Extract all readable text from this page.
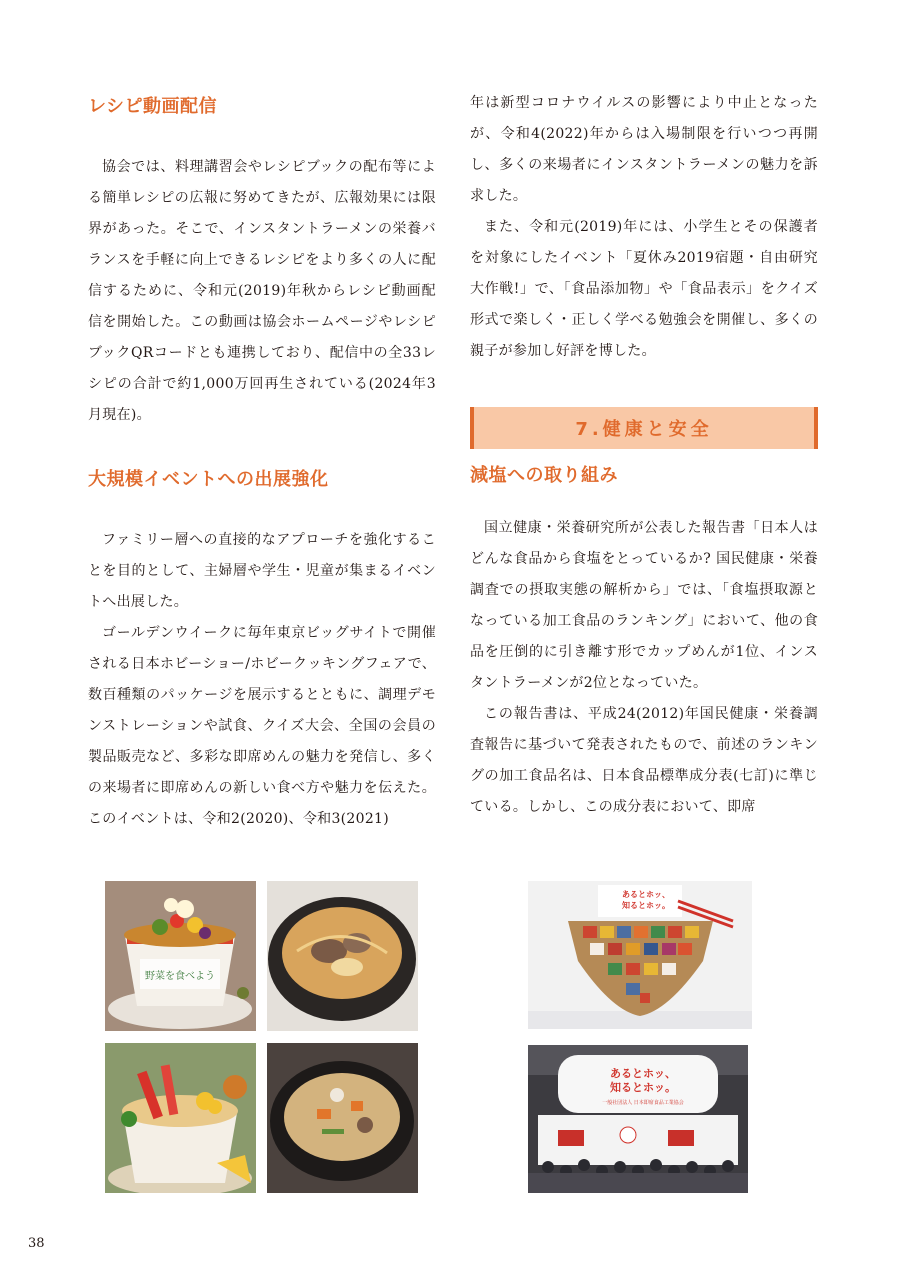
レシピ動画配信

協会では、料理講習会やレシピブックの配布等による簡単レシピの広報に努めてきたが、広報効果には限界があった。そこで、インスタントラーメンの栄養バランスを手軽に向上できるレシピをより多くの人に配信するために、令和元(2019)年秋からレシピ動画配信を開始した。この動画は協会ホームページやレシピブックQRコードとも連携しており、配信中の全33レシピの合計で約1,000万回再生されている(2024年3月現在)。

大規模イベントへの出展強化

ファミリー層への直接的なアプローチを強化することを目的として、主婦層や学生・児童が集まるイベントへ出展した。

ゴールデンウイークに毎年東京ビッグサイトで開催される日本ホビーショー/ホビークッキングフェアで、数百種類のパッケージを展示するとともに、調理デモンストレーションや試食、クイズ大会、全国の会員の製品販売など、多彩な即席めんの魅力を発信し、多くの来場者に即席めんの新しい食べ方や魅力を伝えた。このイベントは、令和2(2020)、令和3(2021)

年は新型コロナウイルスの影響により中止となったが、令和4(2022)年からは入場制限を行いつつ再開し、多くの来場者にインスタントラーメンの魅力を訴求した。

また、令和元(2019)年には、小学生とその保護者を対象にしたイベント「夏休み2019宿題・自由研究大作戦!」で、「食品添加物」や「食品表示」をクイズ形式で楽しく・正しく学べる勉強会を開催し、多くの親子が参加し好評を博した。

7.健康と安全
減塩への取り組み

国立健康・栄養研究所が公表した報告書「日本人はどんな食品から食塩をとっているか? 国民健康・栄養調査での摂取実態の解析から」では、「食塩摂取源となっている加工食品のランキング」において、他の食品を圧倒的に引き離す形でカップめんが1位、インスタントラーメンが2位となっていた。

この報告書は、平成24(2012)年国民健康・栄養調査報告に基づいて発表されたもので、前述のランキングの加工食品名は、日本食品標準成分表(七訂)に準じている。しかし、この成分表において、即席

野菜を食べよう
あるとホッ、
知るとホッ。
あるとホッ、
知るとホッ。
一般社団法人 日本即席食品工業協会
38
